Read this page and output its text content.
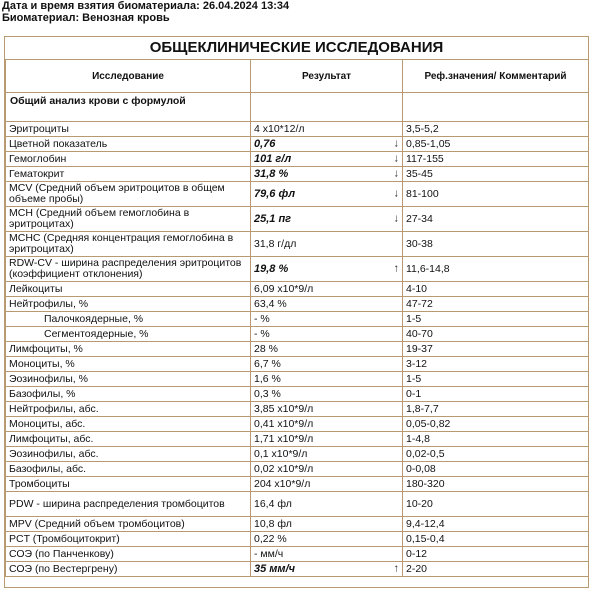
Дата и время взятия биоматериала: 26.04.2024 13:34
Биоматериал: Венозная кровь
ОБЩЕКЛИНИЧЕСКИЕ ИССЛЕДОВАНИЯ
Исследование	Результат	Реф.значения/ Комментарий
Общий анализ крови с формулой		
Эритроциты	4 х10*12/л	3,5-5,2
Цветной показатель	0,76 ↓	0,85-1,05
Гемоглобин	101 г/л ↓	117-155
Гематокрит	31,8 % ↓	35-45
MCV (Средний объем эритроцитов в общем объеме пробы)	79,6 фл ↓	81-100
МСН (Средний объем гемоглобина в эритроцитах)	25,1 пг ↓	27-34
МСНС (Средняя концентрация гемоглобина в эритроцитах)	31,8 г/дл	30-38
RDW-CV - ширина распределения эритроцитов (коэффициент отклонения)	19,8 % ↑	11,6-14,8
Лейкоциты	6,09 х10*9/л	4-10
Нейтрофилы, %	63,4 %	47-72
Палочкоядерные, %	- %	1-5
Сегментоядерные, %	- %	40-70
Лимфоциты, %	28 %	19-37
Моноциты, %	6,7 %	3-12
Эозинофилы, %	1,6 %	1-5
Базофилы, %	0,3 %	0-1
Нейтрофилы, абс.	3,85 х10*9/л	1,8-7,7
Моноциты, абс.	0,41 х10*9/л	0,05-0,82
Лимфоциты, абс.	1,71 х10*9/л	1-4,8
Эозинофилы, абс.	0,1 х10*9/л	0,02-0,5
Базофилы, абс.	0,02 х10*9/л	0-0,08
Тромбоциты	204 х10*9/л	180-320
PDW - ширина распределения тромбоцитов	16,4 фл	10-20
MPV (Средний объем тромбоцитов)	10,8 фл	9,4-12,4
PCT (Тромбоцитокрит)	0,22 %	0,15-0,4
СОЭ (по Панченкову)	- мм/ч	0-12
СОЭ (по Вестергрену)	35 мм/ч ↑	2-20
